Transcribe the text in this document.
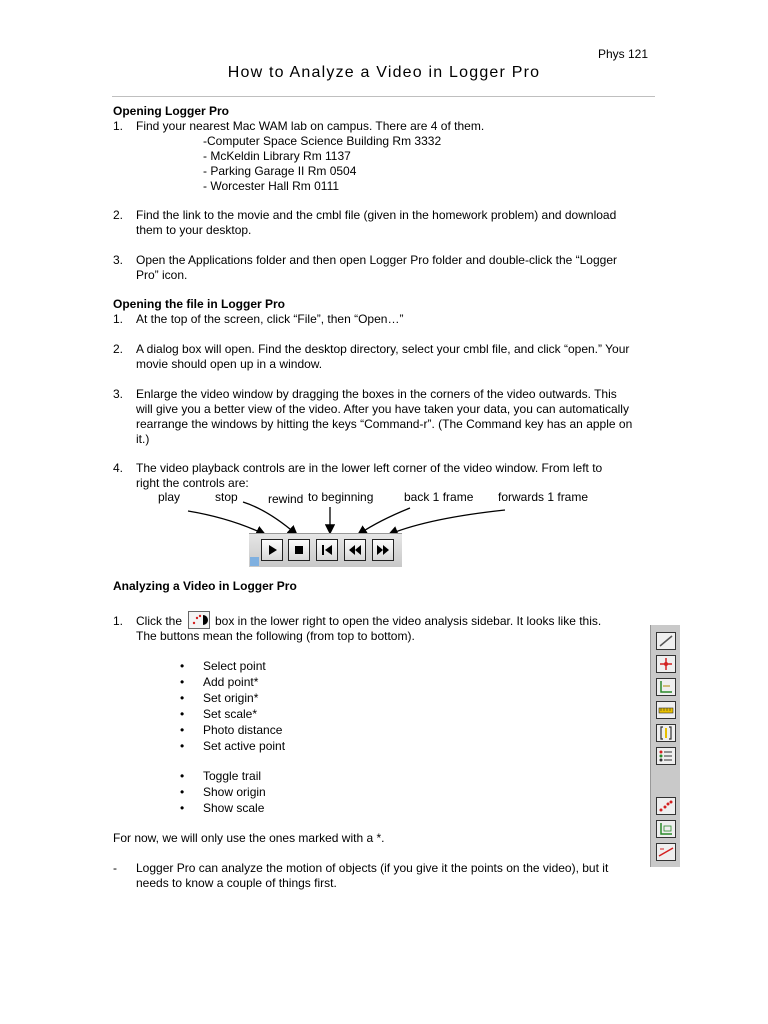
Phys 121
How to Analyze a Video in Logger Pro
Opening Logger Pro
1. Find your nearest Mac WAM lab on campus. There are 4 of them.
-Computer Space Science Building Rm 3332
- McKeldin Library Rm 1137
- Parking Garage II Rm 0504
- Worcester Hall Rm 0111
2. Find the link to the movie and the cmbl file (given in the homework problem) and download
them to your desktop.
3. Open the Applications folder and then open Logger Pro folder and double-click the “Logger
Pro” icon.
Opening the file in Logger Pro
1. At the top of the screen, click “File”, then “Open…”
2. A dialog box will open. Find the desktop directory, select your cmbl file, and click “open.” Your
movie should open up in a window.
3. Enlarge the video window by dragging the boxes in the corners of the video outwards. This
will give you a better view of the video. After you have taken your data, you can automatically
rearrange the windows by hitting the keys “Command-r”. (The Command key has an apple on
it.)
4. The video playback controls are in the lower left corner of the video window. From left to
right the controls are:
play	stop	rewind to beginning	back 1 frame forwards 1 frame
Analyzing a Video in Logger Pro
1. Click the	box in the lower right to open the video analysis sidebar. It looks like this.
The buttons mean the following (from top to bottom).
• Select point
• Add point*
• Set origin*
• Set scale*
• Photo distance
• Set active point
• Toggle trail
• Show origin
• Show scale
For now, we will only use the ones marked with a *.
- Logger Pro can analyze the motion of objects (if you give it the points on the video), but it
needs to know a couple of things first.
